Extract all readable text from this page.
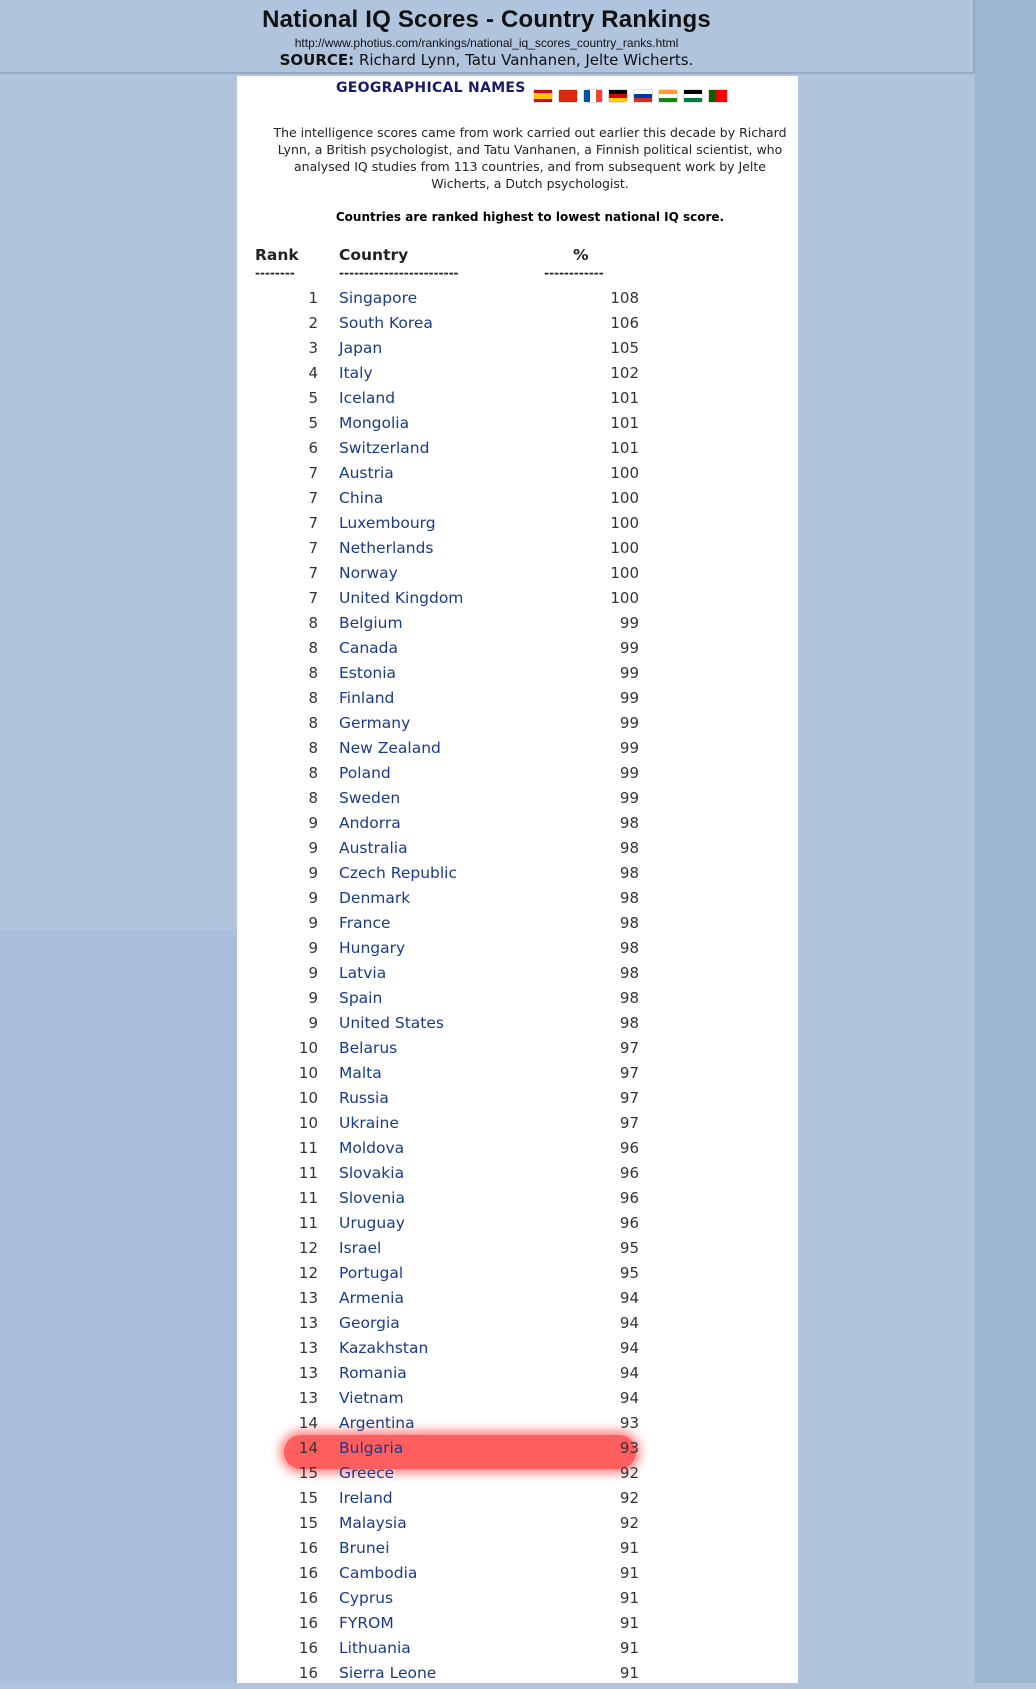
National IQ Scores - Country Rankings
http://www.photius.com/rankings/national_iq_scores_country_ranks.html
SOURCE: Richard Lynn, Tatu Vanhanen, Jelte Wicherts.
GEOGRAPHICAL NAMES
The intelligence scores came from work carried out earlier this decade by Richard Lynn, a British psychologist, and Tatu Vanhanen, a Finnish political scientist, who analysed IQ studies from 113 countries, and from subsequent work by Jelte Wicherts, a Dutch psychologist.
Countries are ranked highest to lowest national IQ score.
Rank	Country	%
--------	------------------------	------------
1 Singapore	108
2 South Korea	106
3 Japan	105
4 Italy	102
5 Iceland	101
5 Mongolia	101
6 Switzerland	101
7 Austria	100
7 China	100
7 Luxembourg	100
7 Netherlands	100
7 Norway	100
7 United Kingdom	100
8 Belgium	99
8 Canada	99
8 Estonia	99
8 Finland	99
8 Germany	99
8 New Zealand	99
8 Poland	99
8 Sweden	99
9 Andorra	98
9 Australia	98
9 Czech Republic	98
9 Denmark	98
9 France	98
9 Hungary	98
9 Latvia	98
9 Spain	98
9 United States	98
10 Belarus	97
10 Malta	97
10 Russia	97
10 Ukraine	97
11 Moldova	96
11 Slovakia	96
11 Slovenia	96
11 Uruguay	96
12 Israel	95
12 Portugal	95
13 Armenia	94
13 Georgia	94
13 Kazakhstan	94
13 Romania	94
13 Vietnam	94
14 Argentina	93
14 Bulgaria	93
15 Greece	92
15 Ireland	92
15 Malaysia	92
16 Brunei	91
16 Cambodia	91
16 Cyprus	91
16 FYROM	91
16 Lithuania	91
16 Sierra Leone	91
